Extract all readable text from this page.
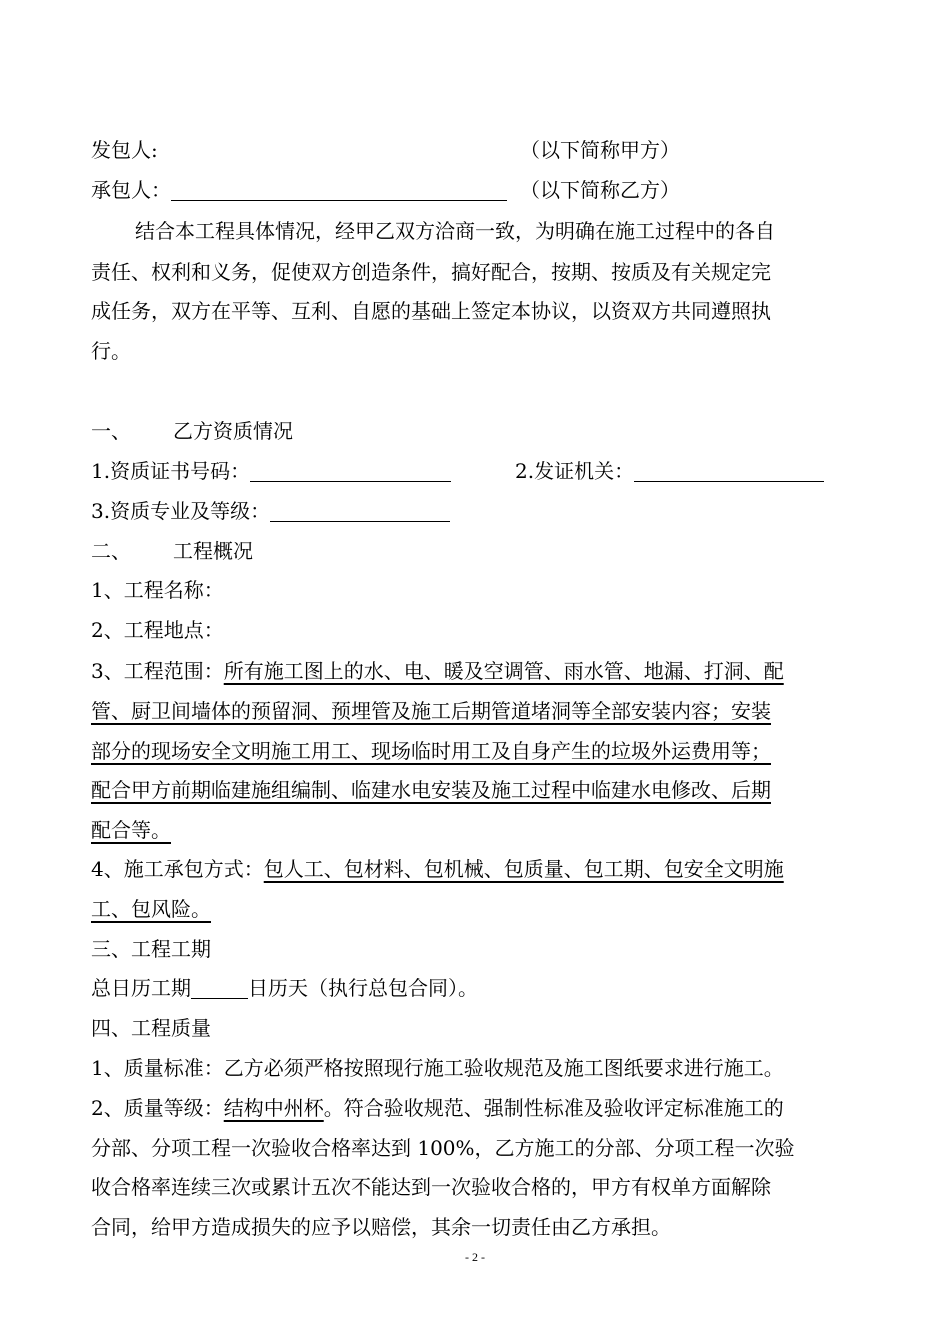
发包人:	（以下简称甲方）
承包人：	（以下简称乙方）
结合本工程具体情况，经甲乙双方洽商一致，为明确在施工过程中的各自
责任、权利和义务，促使双方创造条件，搞好配合，按期、按质及有关规定完
成任务，双方在平等、互利、自愿的基础上签定本协议，以资双方共同遵照执
行。
一、 乙方资质情况
1.资质证书号码：	2.发证机关：
3.资质专业及等级：
二、 工程概况
1、工程名称：
2、工程地点：
3、工程范围：所有施工图上的水、电、暖及空调管、雨水管、地漏、打洞、配
管、厨卫间墙体的预留洞、预埋管及施工后期管道堵洞等全部安装内容；安装
部分的现场安全文明施工用工、现场临时用工及自身产生的垃圾外运费用等；
配合甲方前期临建施组编制、临建水电安装及施工过程中临建水电修改、后期
配合等。
4、施工承包方式：包人工、包材料、包机械、包质量、包工期、包安全文明施
工、包风险。
三、工程工期
总日历工期	日历天（执行总包合同）。
四、工程质量
1、质量标准：乙方必须严格按照现行施工验收规范及施工图纸要求进行施工。
2、质量等级：结构中州杯。符合验收规范、强制性标准及验收评定标准施工的
分部、分项工程一次验收合格率达到 100%，乙方施工的分部、分项工程一次验
收合格率连续三次或累计五次不能达到一次验收合格的，甲方有权单方面解除
合同，给甲方造成损失的应予以赔偿，其余一切责任由乙方承担。
- 2 -
